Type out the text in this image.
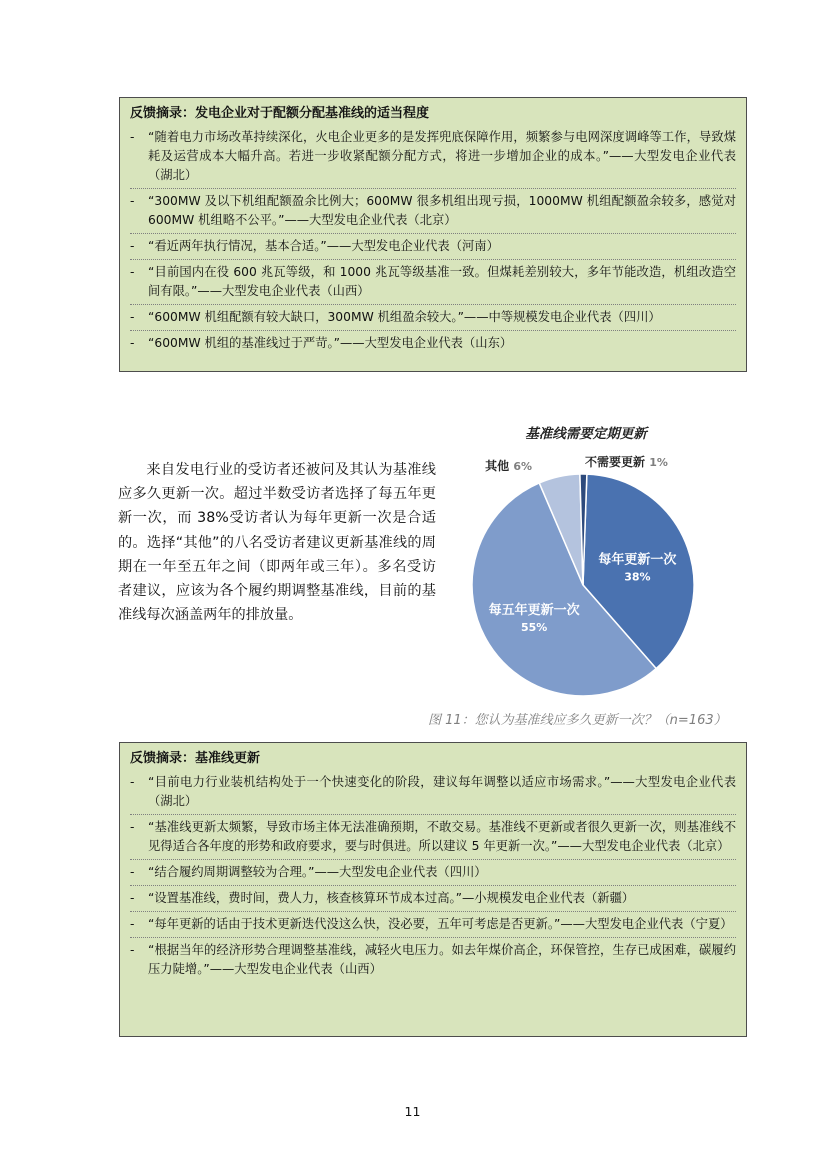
反馈摘录：发电企业对于配额分配基准线的适当程度
- “随着电力市场改革持续深化，火电企业更多的是发挥兜底保障作用，频繁参与电网深度调峰等工作，导致煤耗及运营成本大幅升高。若进一步收紧配额分配方式，将进一步增加企业的成本。”——大型发电企业代表（湖北）
- “300MW 及以下机组配额盈余比例大；600MW 很多机组出现亏损，1000MW 机组配额盈余较多，感觉对 600MW 机组略不公平。”——大型发电企业代表（北京）
- “看近两年执行情况，基本合适。”——大型发电企业代表（河南）
- “目前国内在役 600 兆瓦等级，和 1000 兆瓦等级基准一致。但煤耗差别较大，多年节能改造，机组改造空间有限。”——大型发电企业代表（山西）
- “600MW 机组配额有较大缺口，300MW 机组盈余较大。”——中等规模发电企业代表（四川）
- “600MW 机组的基准线过于严苛。”——大型发电企业代表（山东）
来自发电行业的受访者还被问及其认为基准线应多久更新一次。超过半数受访者选择了每五年更新一次，而 38%受访者认为每年更新一次是合适的。选择“其他”的八名受访者建议更新基准线的周期在一年至五年之间（即两年或三年）。多名受访者建议，应该为各个履约期调整基准线，目前的基准线每次涵盖两年的排放量。
基准线需要定期更新
每年更新一次
38%
每五年更新一次
55%
其他 6%	不需要更新 1%
图 11：您认为基准线应多久更新一次？（n=163）
反馈摘录：基准线更新
- “目前电力行业装机结构处于一个快速变化的阶段，建议每年调整以适应市场需求。”——大型发电企业代表（湖北）
- “基准线更新太频繁，导致市场主体无法准确预期，不敢交易。基准线不更新或者很久更新一次，则基准线不见得适合各年度的形势和政府要求，要与时俱进。所以建议 5 年更新一次。”——大型发电企业代表（北京）
- “结合履约周期调整较为合理。”——大型发电企业代表（四川）
- “设置基准线，费时间，费人力，核查核算环节成本过高。”—小规模发电企业代表（新疆）
- “每年更新的话由于技术更新迭代没这么快，没必要，五年可考虑是否更新。”——大型发电企业代表（宁夏）
- “根据当年的经济形势合理调整基准线，减轻火电压力。如去年煤价高企，环保管控，生存已成困难，碳履约压力陡增。”——大型发电企业代表（山西）
11
